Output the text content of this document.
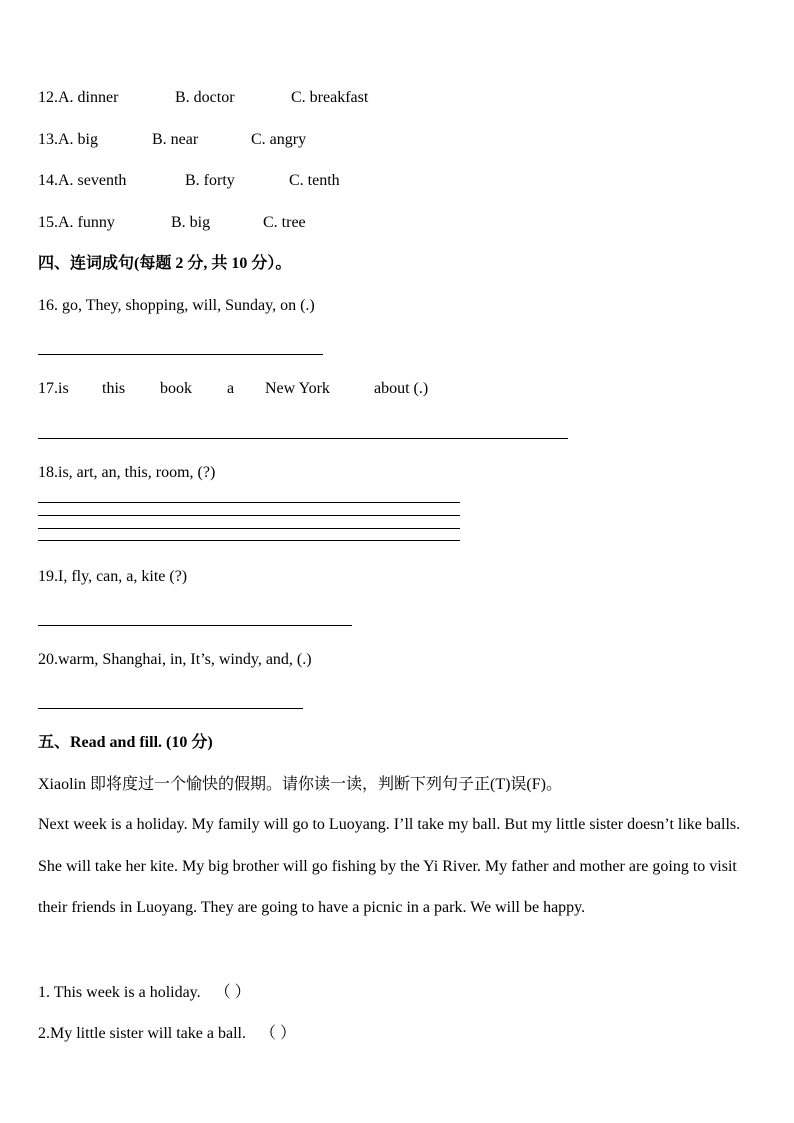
12.A. dinner	B. doctor	C. breakfast
13.A. big	B. near	C. angry
14.A. seventh	B. forty	C. tenth
15.A. funny	B. big	C. tree
四、连词成句(每题 2 分, 共 10 分）。
16. go, They, shopping, will, Sunday, on (.)
17.is this book a New York	about (.)
18.is, art, an, this, room, (?)
19.I, fly, can, a, kite (?)
20.warm, Shanghai, in, It’s, windy, and, (.)
五、Read and fill. (10 分)
Xiaolin 即将度过一个愉快的假期。请你读一读，判断下列句子正(T)误(F)。
Next week is a holiday. My family will go to Luoyang. I’ll take my ball. But my little sister doesn’t like balls. She will take her kite. My big brother will go fishing by the Yi River. My father and mother are going to visit their friends in Luoyang. They are going to have a picnic in a park. We will be happy.
1. This week is a holiday. （ ）
2.My little sister will take a ball. （ ）
